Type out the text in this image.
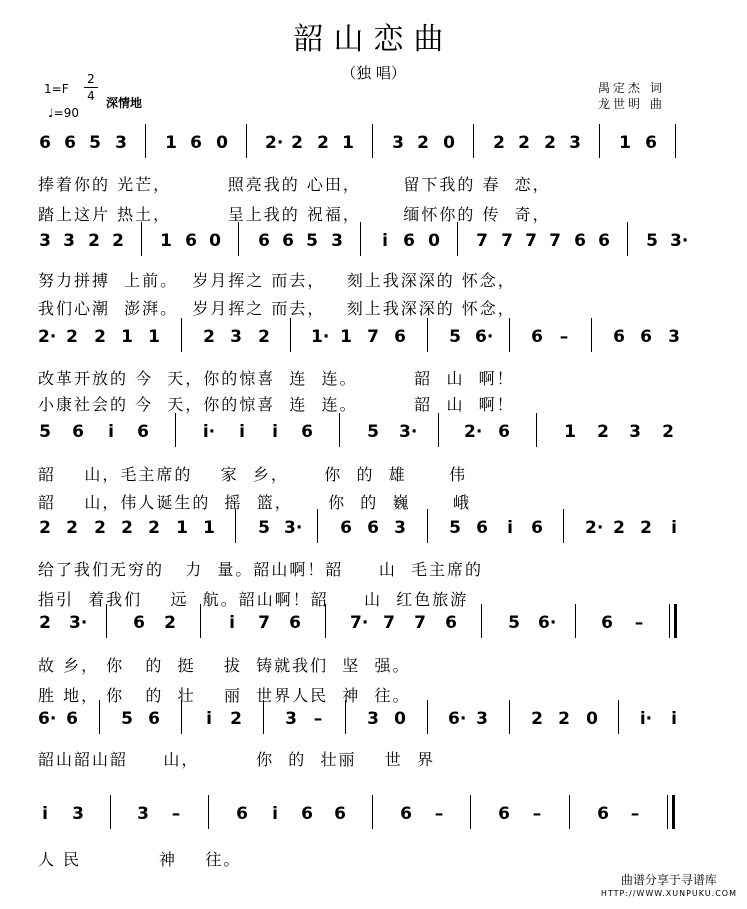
韶山恋曲
（独 唱）
禺定杰 词
龙世明 曲
1=F
2
4
♩=90
深情地
6 6 5 3 1 6 0 2· 2 2 1 3 2 0 2 2 2 3 1 6
捧着你的 光芒，        照亮我的 心田，      留下我的 春  恋，
踏上这片 热土，        呈上我的 祝福，      缅怀你的 传  奇，
3 3 2 2 1 6 0 6 6 5 3 i 6 0 7 7 7 7 6 6 5 3·
努力拼搏  上前。  岁月挥之 而去，   刻上我深深的 怀念，
我们心潮  澎湃。  岁月挥之 而去，   刻上我深深的 怀念，
2· 2 2 1 1	2 3 2 1· 1 7 6	5 6· 6 –	6 6 3
改革开放的 今  天，你的惊喜  连  连。        韶  山  啊！
小康社会的 今  天，你的惊喜  连  连。        韶  山  啊！
5 6 i 6	i· i i 6	5 3·	2· 6	1 2 3 2
韶    山，毛主席的    家  乡，     你  的  雄      伟
韶    山，伟人诞生的  摇  篮，     你  的  巍      峨
2 2 2 2 2 1 1	5 3· 6 6 3	5 6 i 6 2· 2 2 i
给了我们无穷的   力  量。韶山啊！韶     山  毛主席的
指引  着我们    远  航。韶山啊！韶     山  红色旅游
2 3·	6 2	i 7 6	7· 7 7 6	5 6·	6 –
故 乡， 你   的  挺    拔  铸就我们  坚  强。
胜 地， 你   的  壮    丽  世界人民  神  往。
6· 6	5 6	i 2	3 –	3 0 6· 3	2 2 0 i· i
韶山韶山韶     山，        你  的  壮丽    世  界
i 3	3 –	6 i 6 6	6 –	6 –	6 –
人 民           神    往。
曲谱分享于寻谱库
HTTP://WWW.XUNPUKU.COM
